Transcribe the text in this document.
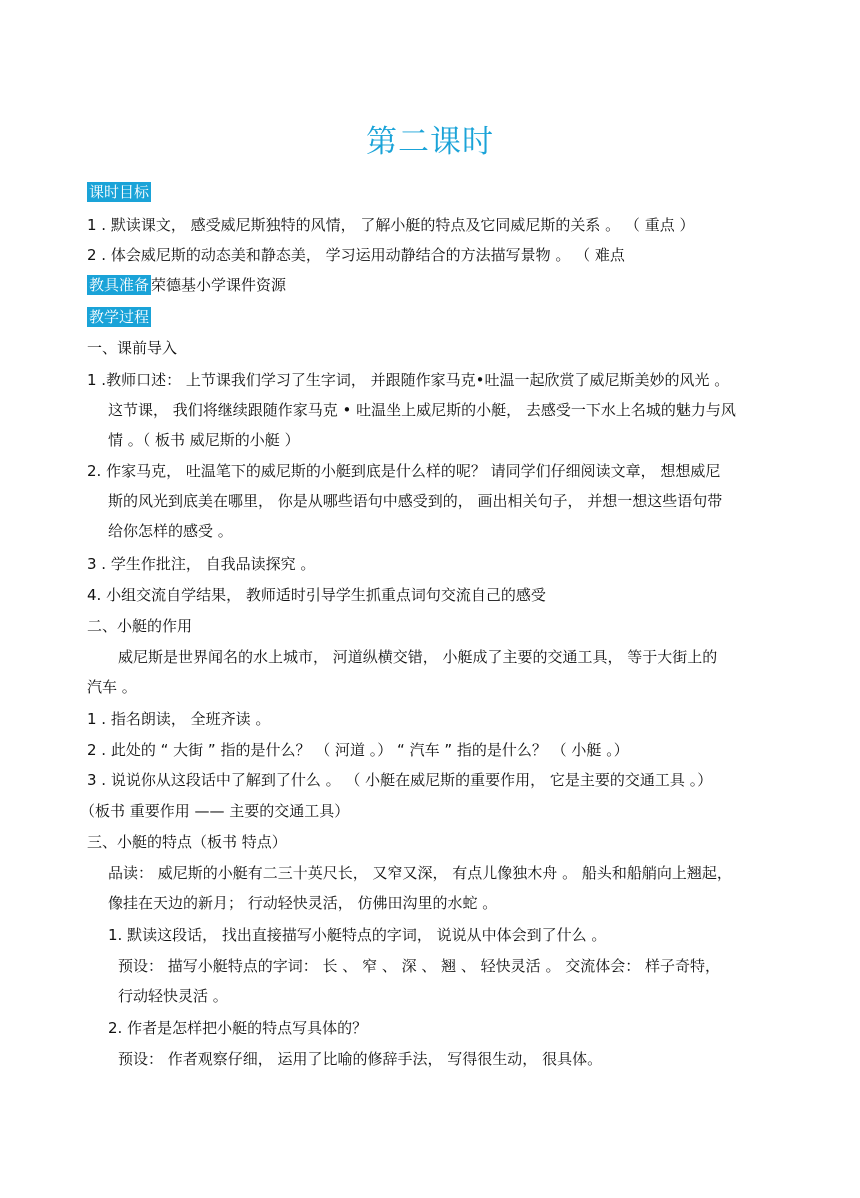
第二课时
课时目标
1 . 默读课文， 感受威尼斯独特的风情， 了解小艇的特点及它同威尼斯的关系 。 （ 重点 ）
2 . 体会威尼斯的动态美和静态美， 学习运用动静结合的方法描写景物 。 （ 难点
教具准备 荣德基小学课件资源
教学过程
一、课前导入
1 .教师口述： 上节课我们学习了生字词， 并跟随作家马克•吐温一起欣赏了威尼斯美妙的风光 。
这节课， 我们将继续跟随作家马克 • 吐温坐上威尼斯的小艇， 去感受一下水上名城的魅力与风
情 。（ 板书 威尼斯的小艇 ）
2. 作家马克， 吐温笔下的威尼斯的小艇到底是什么样的呢？ 请同学们仔细阅读文章， 想想威尼
斯的风光到底美在哪里， 你是从哪些语句中感受到的， 画出相关句子， 并想一想这些语句带
给你怎样的感受 。
3 . 学生作批注， 自我品读探究 。
4. 小组交流自学结果， 教师适时引导学生抓重点词句交流自己的感受
二、小艇的作用
威尼斯是世界闻名的水上城市， 河道纵横交错， 小艇成了主要的交通工具， 等于大街上的
汽车 。
1 . 指名朗读， 全班齐读 。
2 . 此处的 “ 大街 ” 指的是什么？ （ 河道 。） “ 汽车 ” 指的是什么？ （ 小艇 。）
3 . 说说你从这段话中了解到了什么 。 （ 小艇在威尼斯的重要作用， 它是主要的交通工具 。）
（板书 重要作用 —— 主要的交通工具）
三、小艇的特点（板书 特点）
品读： 威尼斯的小艇有二三十英尺长， 又窄又深， 有点儿像独木舟 。 船头和船艄向上翘起，
像挂在天边的新月； 行动轻快灵活， 仿佛田沟里的水蛇 。
1. 默读这段话， 找出直接描写小艇特点的字词， 说说从中体会到了什么 。
预设： 描写小艇特点的字词： 长 、 窄 、 深 、 翘 、 轻快灵活 。 交流体会： 样子奇特，
行动轻快灵活 。
2. 作者是怎样把小艇的特点写具体的？
预设： 作者观察仔细， 运用了比喻的修辞手法， 写得很生动， 很具体。
